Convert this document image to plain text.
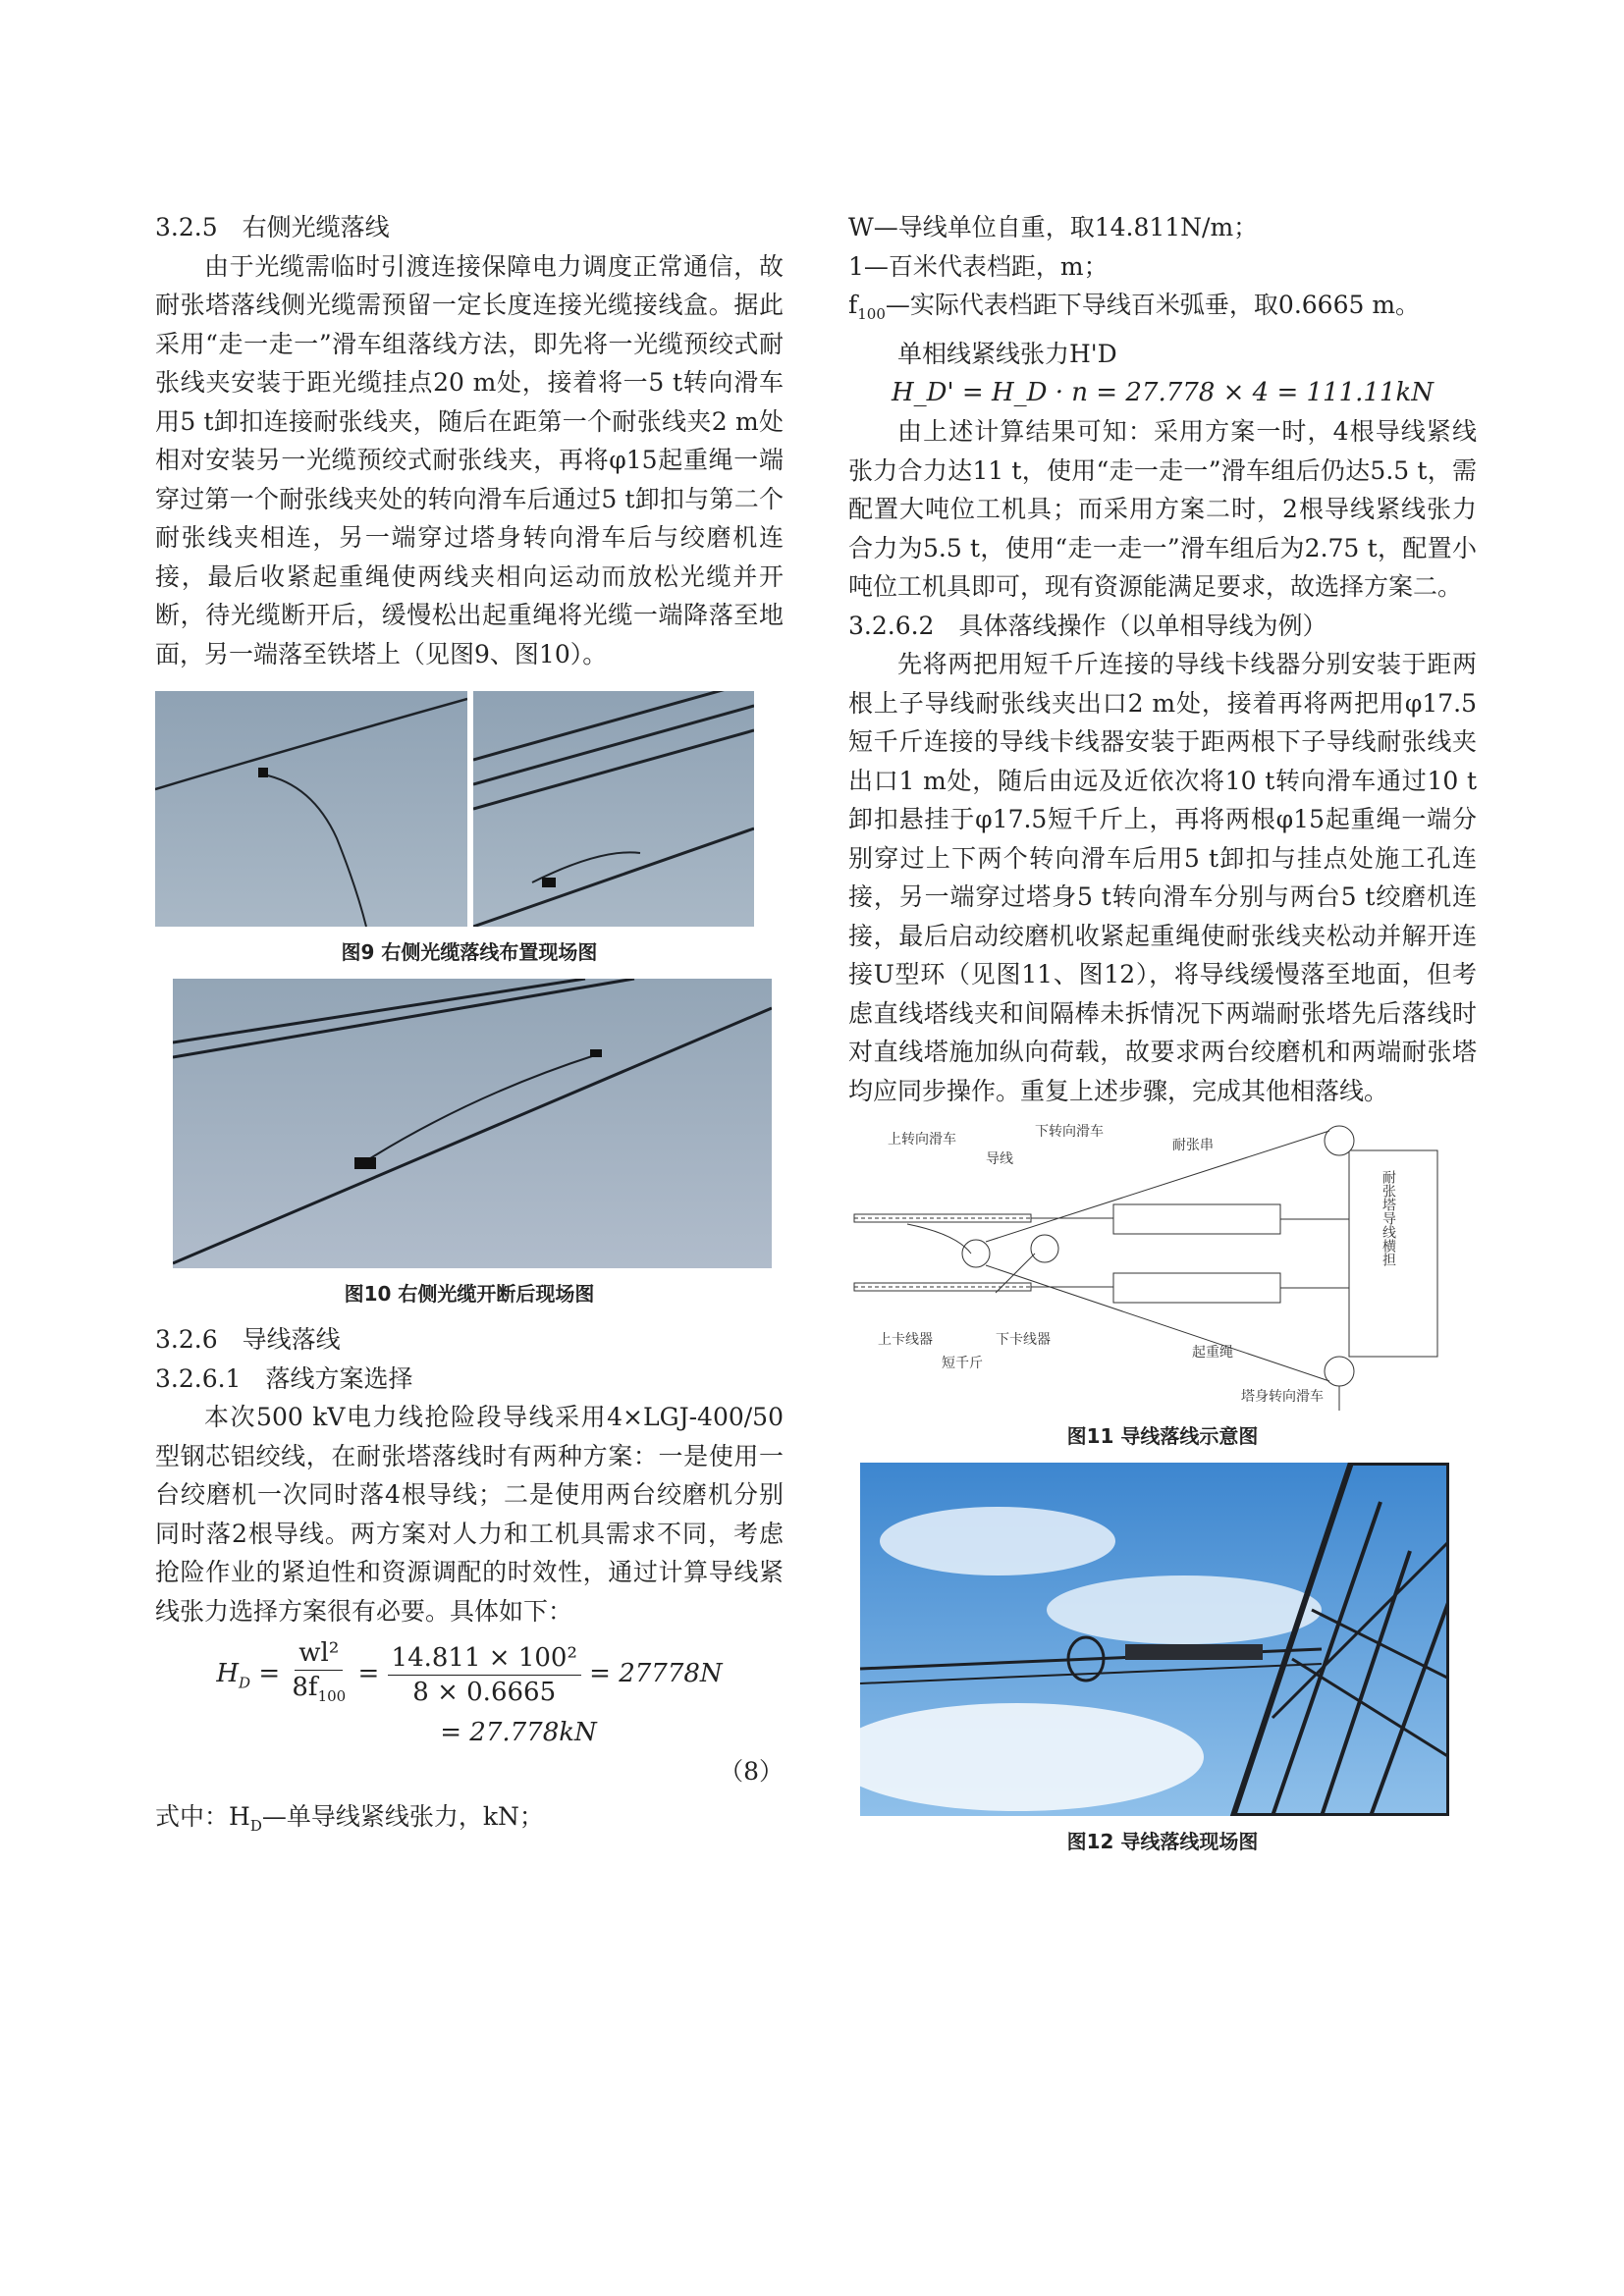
3.2.5　右侧光缆落线

由于光缆需临时引渡连接保障电力调度正常通信，故耐张塔落线侧光缆需预留一定长度连接光缆接线盒。据此采用“走一走一”滑车组落线方法，即先将一光缆预绞式耐张线夹安装于距光缆挂点20 m处，接着将一5 t转向滑车用5 t卸扣连接耐张线夹，随后在距第一个耐张线夹2 m处相对安装另一光缆预绞式耐张线夹，再将φ15起重绳一端穿过第一个耐张线夹处的转向滑车后通过5 t卸扣与第二个耐张线夹相连，另一端穿过塔身转向滑车后与绞磨机连接，最后收紧起重绳使两线夹相向运动而放松光缆并开断，待光缆断开后，缓慢松出起重绳将光缆一端降落至地面，另一端落至铁塔上（见图9、图10）。

图9 右侧光缆落线布置现场图
图10 右侧光缆开断后现场图
3.2.6　导线落线
3.2.6.1　落线方案选择

本次500 kV电力线抢险段导线采用4×LGJ-400/50型钢芯铝绞线，在耐张塔落线时有两种方案：一是使用一台绞磨机一次同时落4根导线；二是使用两台绞磨机分别同时落2根导线。两方案对人力和工机具需求不同，考虑抢险作业的紧迫性和资源调配的时效性，通过计算导线紧线张力选择方案很有必要。具体如下：

$H_D = \frac{\text{wl²}}{8f_{100}} = \frac{\text{14.811 × 100²}}{8 \times 0.6665} = 27778N$
= 27.778kN
（8）

式中：$H_D—$单导线紧线张力，kN；

W—导线单位自重，取14.811N/m；

1—百米代表档距，m；

$f_{100}—$实际代表档距下导线百米弧垂，取0.6665 m。

单相线紧线张力H'D

H_D' = H_D · n = 27.778 × 4 = 111.11kN

由上述计算结果可知：采用方案一时，4根导线紧线张力合力达11 t，使用“走一走一”滑车组后仍达5.5 t，需配置大吨位工机具；而采用方案二时，2根导线紧线张力合力为5.5 t，使用“走一走一”滑车组后为2.75 t，配置小吨位工机具即可，现有资源能满足要求，故选择方案二。

3.2.6.2　具体落线操作（以单相导线为例）

先将两把用短千斤连接的导线卡线器分别安装于距两根上子导线耐张线夹出口2 m处，接着再将两把用φ17.5短千斤连接的导线卡线器安装于距两根下子导线耐张线夹出口1 m处，随后由远及近依次将10 t转向滑车通过10 t卸扣悬挂于φ17.5短千斤上，再将两根φ15起重绳一端分别穿过上下两个转向滑车后用5 t卸扣与挂点处施工孔连接，另一端穿过塔身5 t转向滑车分别与两台5 t绞磨机连接，最后启动绞磨机收紧起重绳使耐张线夹松动并解开连接U型环（见图11、图12），将导线缓慢落至地面，但考虑直线塔线夹和间隔棒未拆情况下两端耐张塔先后落线时对直线塔施加纵向荷载，故要求两台绞磨机和两端耐张塔均应同步操作。重复上述步骤，完成其他相落线。

上转向滑车
导线
下转向滑车
耐张串
上卡线器
短千斤
下卡线器
起重绳
塔身转向滑车
耐张塔导线横担
图11 导线落线示意图
图12 导线落线现场图
